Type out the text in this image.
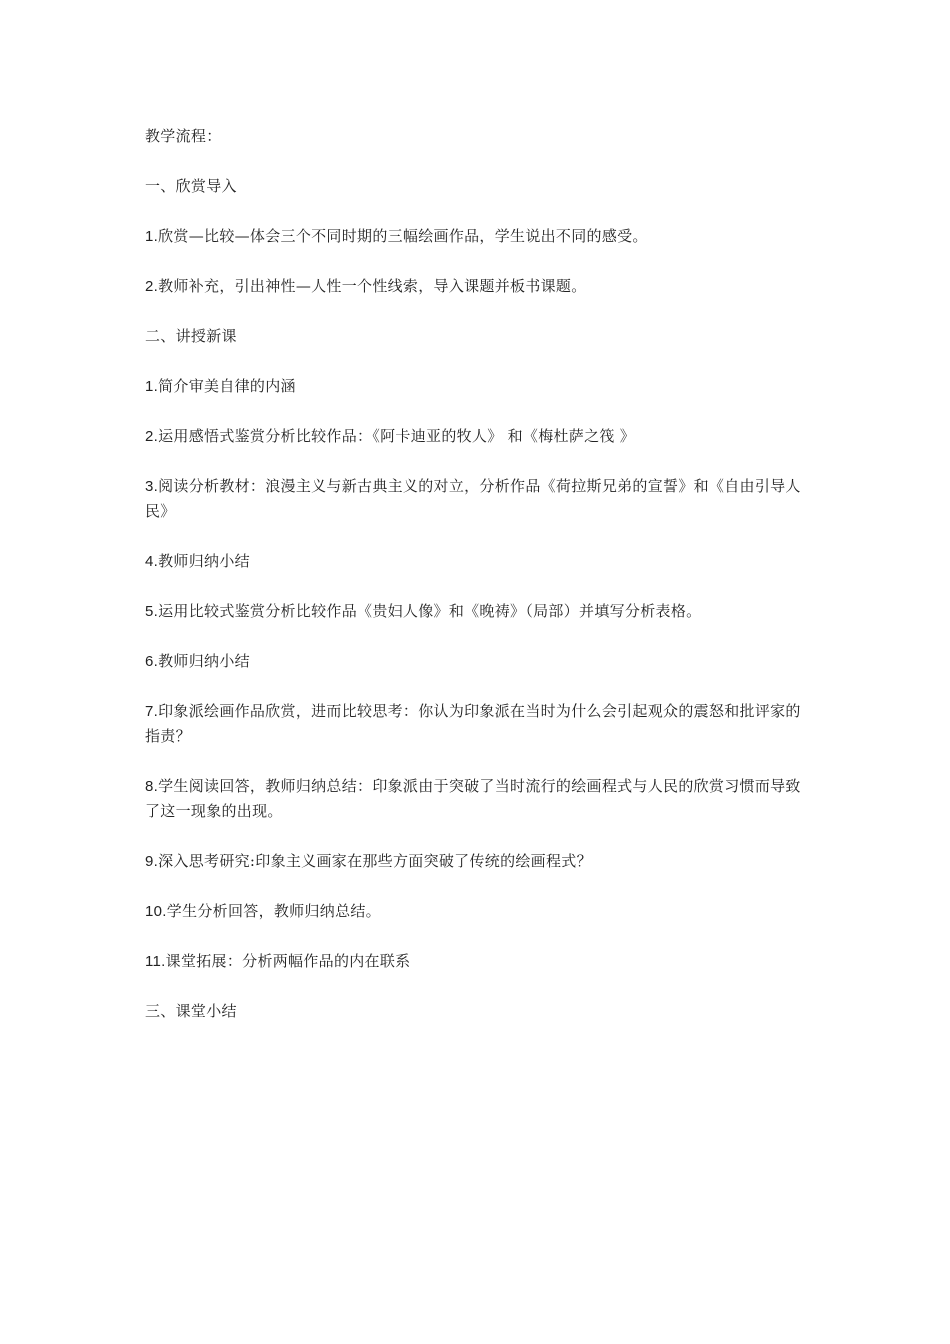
教学流程：

一、欣赏导入

1.欣赏—比较—体会三个不同时期的三幅绘画作品，学生说出不同的感受。

2.教师补充，引出神性—人性一个性线索，导入课题并板书课题。

二、讲授新课

1.简介审美自律的内涵

2.运用感悟式鉴赏分析比较作品：《阿卡迪亚的牧人》 和《梅杜萨之筏 》

3.阅读分析教材：浪漫主义与新古典主义的对立，分析作品《荷拉斯兄弟的宣誓》和《自由引导人民》

4.教师归纳小结

5.运用比较式鉴赏分析比较作品《贵妇人像》和《晚祷》（局部）并填写分析表格。

6.教师归纳小结

7.印象派绘画作品欣赏，进而比较思考：你认为印象派在当时为什么会引起观众的震怒和批评家的指责？

8.学生阅读回答，教师归纳总结：印象派由于突破了当时流行的绘画程式与人民的欣赏习惯而导致了这一现象的出现。

9.深入思考研究:印象主义画家在那些方面突破了传统的绘画程式？

10.学生分析回答，教师归纳总结。

11.课堂拓展：分析两幅作品的内在联系

三、课堂小结
